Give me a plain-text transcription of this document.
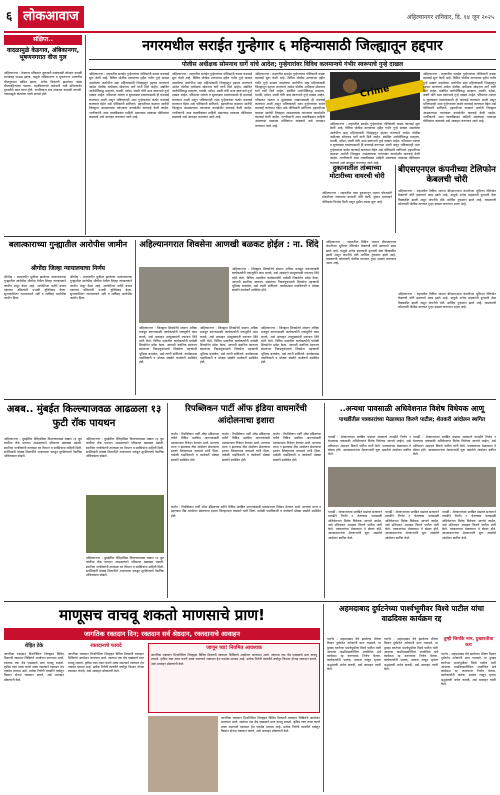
६ लोकआवाज	अहिल्यानगर शनिवार, दि. १४ जून २०२५
संक्षिप्त..
वादळामुळे केडगाव, अंबिकानगर, भूषणनगरात वीज गुल
अहिल्यानगर : केडगाव परिसरात शुक्रवारी सायंकाळी जोरदार वादळी वाऱ्यासह पाऊस झाला. यामुळे अंबिकानगर व भूषणनगर भागातील वीजपुरवठा खंडित झाला. अनेक ठिकाणी झाडांच्या फांद्या वीजवाहिन्यांवर पडल्या. महावितरणचे कर्मचारी रात्री उशिरापर्यंत दुरुस्तीचे काम करत होते. नागरिकांना रात्र अंधारात काढावी लागली. पावसामुळे रस्त्यांवर पाणी साचले होते.
नगरमधील सराईत गुन्हेगार ६ महिन्यासाठी जिल्ह्यातून हद्दपार
पोलीस अधीक्षक सोमनाथ घार्गे यांचे आदेश; गुन्हेगारांवर विविध कलमान्वये गंभीर स्वरूपाचे गुन्हे दाखल
अहिल्यानगर : शहरातील सराईत गुन्हेगारांवर पोलिसांनी कडक कारवाई सुरू केली आहे. विविध पोलीस ठाण्यांच्या हद्दीत गंभीर गुन्हे दाखल असलेल्या आरोपींना सहा महिन्यांसाठी जिल्ह्यातून हद्दपार करण्याचे आदेश पोलीस अधीक्षक सोमनाथ घार्गे यांनी दिले आहेत. संबंधित आरोपींविरुद्ध मारहाण, धमकी, दरोडा, जबरी चोरी अशा स्वरूपाचे गुन्हे दाखल आहेत. परिसरात शांतता व सुव्यवस्था राखण्यासाठी ही कारवाई करण्यात आली असून भविष्यातही अशा गुन्हेगारांवर कठोर कारवाई करण्यात येईल असे पोलिसांनी सांगितले. हद्दपारीच्या काळात आरोपी जिल्ह्यात आढळल्यास त्यांच्यावर कायदेशीर कारवाई केली जाईल. नागरिकांनी अशा व्यक्तींबाबत माहिती असल्यास तात्काळ पोलिसांना कळवावे असे आवाहन करण्यात आले आहे.
अहिल्यानगर : शहरातील सराईत गुन्हेगारांवर पोलिसांनी कडक कारवाई सुरू केली आहे. विविध पोलीस ठाण्यांच्या हद्दीत गंभीर गुन्हे दाखल असलेल्या आरोपींना सहा महिन्यांसाठी जिल्ह्यातून हद्दपार करण्याचे आदेश पोलीस अधीक्षक सोमनाथ घार्गे यांनी दिले आहेत. संबंधित आरोपींविरुद्ध मारहाण, धमकी, दरोडा, जबरी चोरी अशा स्वरूपाचे गुन्हे दाखल आहेत. परिसरात शांतता व सुव्यवस्था राखण्यासाठी ही कारवाई करण्यात आली असून भविष्यातही अशा गुन्हेगारांवर कठोर कारवाई करण्यात येईल असे पोलिसांनी सांगितले. हद्दपारीच्या काळात आरोपी जिल्ह्यात आढळल्यास त्यांच्यावर कायदेशीर कारवाई केली जाईल. नागरिकांनी अशा व्यक्तींबाबत माहिती असल्यास तात्काळ पोलिसांना कळवावे असे आवाहन करण्यात आले आहे.
अहिल्यानगर : शहरातील सराईत गुन्हेगारांवर पोलिसांनी कडक कारवाई सुरू केली आहे. विविध पोलीस ठाण्यांच्या हद्दीत गंभीर गुन्हे दाखल असलेल्या आरोपींना सहा महिन्यांसाठी जिल्ह्यातून हद्दपार करण्याचे आदेश पोलीस अधीक्षक सोमनाथ घार्गे यांनी दिले आहेत. संबंधित आरोपींविरुद्ध मारहाण, धमकी, दरोडा, जबरी चोरी अशा स्वरूपाचे गुन्हे दाखल आहेत. परिसरात शांतता व सुव्यवस्था राखण्यासाठी ही कारवाई करण्यात आली असून भविष्यातही अशा गुन्हेगारांवर कठोर कारवाई करण्यात येईल असे पोलिसांनी सांगितले. हद्दपारीच्या काळात आरोपी जिल्ह्यात आढळल्यास त्यांच्यावर कायदेशीर कारवाई केली जाईल. नागरिकांनी अशा व्यक्तींबाबत माहिती असल्यास तात्काळ पोलिसांना कळवावे असे आवाहन करण्यात आले आहे.
Crime
अहिल्यानगर : शहरातील सराईत गुन्हेगारांवर पोलिसांनी कडक कारवाई सुरू केली आहे. विविध पोलीस ठाण्यांच्या हद्दीत गंभीर गुन्हे दाखल असलेल्या आरोपींना सहा महिन्यांसाठी जिल्ह्यातून हद्दपार करण्याचे आदेश पोलीस अधीक्षक सोमनाथ घार्गे यांनी दिले आहेत. संबंधित आरोपींविरुद्ध मारहाण, धमकी, दरोडा, जबरी चोरी अशा स्वरूपाचे गुन्हे दाखल आहेत. परिसरात शांतता व सुव्यवस्था राखण्यासाठी ही कारवाई करण्यात आली असून भविष्यातही अशा गुन्हेगारांवर कठोर कारवाई करण्यात येईल असे पोलिसांनी सांगितले. हद्दपारीच्या काळात आरोपी जिल्ह्यात आढळल्यास त्यांच्यावर कायदेशीर कारवाई केली जाईल. नागरिकांनी अशा व्यक्तींबाबत माहिती असल्यास तात्काळ पोलिसांना कळवावे असे आवाहन करण्यात आले आहे.
अहिल्यानगर : शहरातील सराईत गुन्हेगारांवर पोलिसांनी कडक कारवाई सुरू केली आहे. विविध पोलीस ठाण्यांच्या हद्दीत गंभीर गुन्हे दाखल असलेल्या आरोपींना सहा महिन्यांसाठी जिल्ह्यातून हद्दपार करण्याचे आदेश पोलीस अधीक्षक सोमनाथ घार्गे यांनी दिले आहेत. संबंधित आरोपींविरुद्ध मारहाण, धमकी, दरोडा, जबरी चोरी अशा स्वरूपाचे गुन्हे दाखल आहेत. परिसरात शांतता व सुव्यवस्था राखण्यासाठी ही कारवाई करण्यात आली असून भविष्यातही अशा गुन्हेगारांवर कठोर कारवाई करण्यात येईल असे पोलिसांनी सांगितले. हद्दपारीच्या काळात आरोपी जिल्ह्यात आढळल्यास त्यांच्यावर कायदेशीर कारवाई केली जाईल. नागरिकांनी अशा व्यक्तींबाबत माहिती असल्यास तात्काळ पोलिसांना कळवावे असे आवाहन करण्यात आले आहे.
दुकानातील तांब्याच्या मोटारीच्या वायरची चोरी
अहिल्यानगर : शहरातील एका दुकानातून अज्ञात चोरट्यांनी मोटारीच्या तांब्याच्या वायरची चोरी केली. दुकान मालकाने पोलिसांत फिर्याद दिली असून पुढील तपास सुरू आहे.
बीएसएनएल कंपनीच्या टेलिफोन केबलची चोरी
अहिल्यानगर : शहरातील विविध भागात बीएसएनएल कंपनीच्या भूमिगत टेलिफोन केबलची चोरी झाल्याचे उघड झाले आहे. यामुळे अनेक ग्राहकांची दूरध्वनी सेवा विस्कळीत झाली असून कंपनीचे मोठे आर्थिक नुकसान झाले आहे. याप्रकरणी कोतवाली पोलीस ठाण्यात गुन्हा दाखल करण्यात आला आहे.
बलात्काराच्या गुन्ह्यातील आरोपीस जामीन
श्रीगोंदा जिल्हा न्यायालयाचा निर्णय
श्रीगोंदा : अल्पवयीन मुलीवर झालेल्या अत्याचाराच्या गुन्ह्यातील आरोपीस श्रीगोंदा येथील जिल्हा न्यायालयाने जामीन मंजूर केला आहे. आरोपीच्या वतीने बचाव पक्षाच्या वकिलांनी प्रभावी युक्तिवाद केला. सुनावणीनंतर न्यायालयाने अटी व शर्तींसह आरोपीस जामीन दिला.
श्रीगोंदा : अल्पवयीन मुलीवर झालेल्या अत्याचाराच्या गुन्ह्यातील आरोपीस श्रीगोंदा येथील जिल्हा न्यायालयाने जामीन मंजूर केला आहे. आरोपीच्या वतीने बचाव पक्षाच्या वकिलांनी प्रभावी युक्तिवाद केला. सुनावणीनंतर न्यायालयाने अटी व शर्तींसह आरोपीस जामीन दिला.
अहिल्यानगरात शिवसेना आणखी बळकट होईल : ना. शिंदे
अहिल्यानगर : जिल्ह्यात शिवसेनेचे संघटन अधिक मजबूत करण्यासाठी कार्यकर्त्यांनी एकजुटीने काम करावे, असे आवाहन उपमुख्यमंत्री एकनाथ शिंदे यांनी केले. विविध पक्षांतील कार्यकर्त्यांनी यावेळी शिवसेनेत प्रवेश केला. आगामी स्थानिक स्वराज्य संस्थांच्या निवडणुकांमध्ये शिवसेना महत्त्वाची भूमिका बजावेल, असे त्यांनी सांगितले. कार्यक्रमास पदाधिकारी व मोठ्या संख्येने कार्यकर्ते उपस्थित होते.
अहिल्यानगर : जिल्ह्यात शिवसेनेचे संघटन अधिक मजबूत करण्यासाठी कार्यकर्त्यांनी एकजुटीने काम करावे, असे आवाहन उपमुख्यमंत्री एकनाथ शिंदे यांनी केले. विविध पक्षांतील कार्यकर्त्यांनी यावेळी शिवसेनेत प्रवेश केला. आगामी स्थानिक स्वराज्य संस्थांच्या निवडणुकांमध्ये शिवसेना महत्त्वाची भूमिका बजावेल, असे त्यांनी सांगितले. कार्यक्रमास पदाधिकारी व मोठ्या संख्येने कार्यकर्ते उपस्थित होते.
अहिल्यानगर : जिल्ह्यात शिवसेनेचे संघटन अधिक मजबूत करण्यासाठी कार्यकर्त्यांनी एकजुटीने काम करावे, असे आवाहन उपमुख्यमंत्री एकनाथ शिंदे यांनी केले. विविध पक्षांतील कार्यकर्त्यांनी यावेळी शिवसेनेत प्रवेश केला. आगामी स्थानिक स्वराज्य संस्थांच्या निवडणुकांमध्ये शिवसेना महत्त्वाची भूमिका बजावेल, असे त्यांनी सांगितले. कार्यक्रमास पदाधिकारी व मोठ्या संख्येने कार्यकर्ते उपस्थित होते.
अहिल्यानगर : जिल्ह्यात शिवसेनेचे संघटन अधिक मजबूत करण्यासाठी कार्यकर्त्यांनी एकजुटीने काम करावे, असे आवाहन उपमुख्यमंत्री एकनाथ शिंदे यांनी केले. विविध पक्षांतील कार्यकर्त्यांनी यावेळी शिवसेनेत प्रवेश केला. आगामी स्थानिक स्वराज्य संस्थांच्या निवडणुकांमध्ये शिवसेना महत्त्वाची भूमिका बजावेल, असे त्यांनी सांगितले. कार्यक्रमास पदाधिकारी व मोठ्या संख्येने कार्यकर्ते उपस्थित होते.
अहिल्यानगर : शहरातील विविध भागात बीएसएनएल कंपनीच्या भूमिगत टेलिफोन केबलची चोरी झाल्याचे उघड झाले आहे. यामुळे अनेक ग्राहकांची दूरध्वनी सेवा विस्कळीत झाली असून कंपनीचे मोठे आर्थिक नुकसान झाले आहे. याप्रकरणी कोतवाली पोलीस ठाण्यात गुन्हा दाखल करण्यात आला आहे.
अहिल्यानगर : शहरातील विविध भागात बीएसएनएल कंपनीच्या भूमिगत टेलिफोन केबलची चोरी झाल्याचे उघड झाले आहे. यामुळे अनेक ग्राहकांची दूरध्वनी सेवा विस्कळीत झाली असून कंपनीचे मोठे आर्थिक नुकसान झाले आहे. याप्रकरणी कोतवाली पोलीस ठाण्यात गुन्हा दाखल करण्यात आला आहे.
अबब.. मुंबईत किल्ल्याजवळ आढळला १३ फुटी रॉक पायथन
अहिल्यानगर : मुंबईतील ऐतिहासिक किल्ल्याजवळ तब्बल १३ फूट लांबीचा रॉक पायथन आढळल्याने परिसरात खळबळ उडाली. स्थानिक नागरिकांनी तात्काळ वन विभाग व सर्पमित्रांना माहिती दिली. सर्पमित्रांनी मोठ्या शिताफीने अजगराला पकडून सुरक्षितपणे नैसर्गिक अधिवासात सोडले.
अहिल्यानगर : मुंबईतील ऐतिहासिक किल्ल्याजवळ तब्बल १३ फूट लांबीचा रॉक पायथन आढळल्याने परिसरात खळबळ उडाली. स्थानिक नागरिकांनी तात्काळ वन विभाग व सर्पमित्रांना माहिती दिली. सर्पमित्रांनी मोठ्या शिताफीने अजगराला पकडून सुरक्षितपणे नैसर्गिक अधिवासात सोडले.
अहिल्यानगर : मुंबईतील ऐतिहासिक किल्ल्याजवळ तब्बल १३ फूट लांबीचा रॉक पायथन आढळल्याने परिसरात खळबळ उडाली. स्थानिक नागरिकांनी तात्काळ वन विभाग व सर्पमित्रांना माहिती दिली. सर्पमित्रांनी मोठ्या शिताफीने अजगराला पकडून सुरक्षितपणे नैसर्गिक अधिवासात सोडले.
रिपब्लिकन पार्टी ऑफ इंडिया वाघमारेंची आंदोलनाचा इशारा
कर्जत : रिपब्लिकन पार्टी ऑफ इंडियाच्या वतीने विविध प्रलंबित मागण्यांसाठी प्रशासनाला निवेदन देण्यात आले. मागण्या मान्य न झाल्यास तीव्र आंदोलन छेडण्याचा इशारा जिल्हाध्यक्ष वाघमारे यांनी दिला. यावेळी पदाधिकारी व कार्यकर्ते मोठ्या संख्येने उपस्थित होते.
कर्जत : रिपब्लिकन पार्टी ऑफ इंडियाच्या वतीने विविध प्रलंबित मागण्यांसाठी प्रशासनाला निवेदन देण्यात आले. मागण्या मान्य न झाल्यास तीव्र आंदोलन छेडण्याचा इशारा जिल्हाध्यक्ष वाघमारे यांनी दिला. यावेळी पदाधिकारी व कार्यकर्ते मोठ्या संख्येने उपस्थित होते.
कर्जत : रिपब्लिकन पार्टी ऑफ इंडियाच्या वतीने विविध प्रलंबित मागण्यांसाठी प्रशासनाला निवेदन देण्यात आले. मागण्या मान्य न झाल्यास तीव्र आंदोलन छेडण्याचा इशारा जिल्हाध्यक्ष वाघमारे यांनी दिला. यावेळी पदाधिकारी व कार्यकर्ते मोठ्या संख्येने उपस्थित होते.
कर्जत : रिपब्लिकन पार्टी ऑफ इंडियाच्या वतीने विविध प्रलंबित मागण्यांसाठी प्रशासनाला निवेदन देण्यात आले. मागण्या मान्य न झाल्यास तीव्र आंदोलन छेडण्याचा इशारा जिल्हाध्यक्ष वाघमारे यांनी दिला. यावेळी पदाधिकारी व कार्यकर्ते मोठ्या संख्येने उपस्थित होते.
..अन्यथा पावसाळी अधिवेशनात विशेष विधेयक आणू
पाथर्डीतील पत्रकारांच्या मेळाव्यात किरणे पाटील; शेतकरी आंदोलन स्थगित
पाथर्डी : शेतकऱ्यांच्या प्रलंबित प्रश्नांवर सरकारने तातडीने निर्णय न घेतल्यास पावसाळी अधिवेशनात विशेष विधेयक आणले जाईल, असे प्रतिपादन आमदार किरणे पाटील यांनी केले. पत्रकारांच्या मेळाव्यात ते बोलत होते. आश्वासनानंतर शेतकऱ्यांनी सुरू असलेले आंदोलन स्थगित केले.
पाथर्डी : शेतकऱ्यांच्या प्रलंबित प्रश्नांवर सरकारने तातडीने निर्णय न घेतल्यास पावसाळी अधिवेशनात विशेष विधेयक आणले जाईल, असे प्रतिपादन आमदार किरणे पाटील यांनी केले. पत्रकारांच्या मेळाव्यात ते बोलत होते. आश्वासनानंतर शेतकऱ्यांनी सुरू असलेले आंदोलन स्थगित केले.
पाथर्डी : शेतकऱ्यांच्या प्रलंबित प्रश्नांवर सरकारने तातडीने निर्णय न घेतल्यास पावसाळी अधिवेशनात विशेष विधेयक आणले जाईल, असे प्रतिपादन आमदार किरणे पाटील यांनी केले. पत्रकारांच्या मेळाव्यात ते बोलत होते. आश्वासनानंतर शेतकऱ्यांनी सुरू असलेले आंदोलन स्थगित केले.
पाथर्डी : शेतकऱ्यांच्या प्रलंबित प्रश्नांवर सरकारने तातडीने निर्णय न घेतल्यास पावसाळी अधिवेशनात विशेष विधेयक आणले जाईल, असे प्रतिपादन आमदार किरणे पाटील यांनी केले. पत्रकारांच्या मेळाव्यात ते बोलत होते. आश्वासनानंतर शेतकऱ्यांनी सुरू असलेले आंदोलन स्थगित केले.
पाथर्डी : शेतकऱ्यांच्या प्रलंबित प्रश्नांवर सरकारने तातडीने निर्णय न घेतल्यास पावसाळी अधिवेशनात विशेष विधेयक आणले जाईल, असे प्रतिपादन आमदार किरणे पाटील यांनी केले. पत्रकारांच्या मेळाव्यात ते बोलत होते. आश्वासनानंतर शेतकऱ्यांनी सुरू असलेले आंदोलन स्थगित केले.
माणूसच वाचवू शकतो माणसाचे प्राण!
जागतिक रक्तदान दिन; रक्तदान सर्व श्रेष्ठदान, रक्तदानाचे आवाहन
रोहित टेके
जागतिक रक्तदान दिनानिमित्त जिल्ह्यात विविध ठिकाणी रक्तदान शिबिरांचे आयोजन करण्यात आले. रक्ताचा एक थेंब एखाद्याचे प्राण वाचवू शकतो. कृत्रिम रक्त तयार करणे शक्य नसल्याने रक्तदान हेच एकमेव माध्यम आहे. प्रत्येक निरोगी व्यक्तीने वर्षातून किमान दोनदा रक्तदान करावे, असे आवाहन डॉक्टरांनी केले.
रक्तदानाचे फायदे
जागतिक रक्तदान दिनानिमित्त जिल्ह्यात विविध ठिकाणी रक्तदान शिबिरांचे आयोजन करण्यात आले. रक्ताचा एक थेंब एखाद्याचे प्राण वाचवू शकतो. कृत्रिम रक्त तयार करणे शक्य नसल्याने रक्तदान हेच एकमेव माध्यम आहे. प्रत्येक निरोगी व्यक्तीने वर्षातून किमान दोनदा रक्तदान करावे, असे आवाहन डॉक्टरांनी केले.
जाणून घ्या! नियमित आवश्यक
जागतिक रक्तदान दिनानिमित्त जिल्ह्यात विविध ठिकाणी रक्तदान शिबिरांचे आयोजन करण्यात आले. रक्ताचा एक थेंब एखाद्याचे प्राण वाचवू शकतो. कृत्रिम रक्त तयार करणे शक्य नसल्याने रक्तदान हेच एकमेव माध्यम आहे. प्रत्येक निरोगी व्यक्तीने वर्षातून किमान दोनदा रक्तदान करावे, असे आवाहन डॉक्टरांनी केले.
जागतिक रक्तदान दिनानिमित्त जिल्ह्यात विविध ठिकाणी रक्तदान शिबिरांचे आयोजन करण्यात आले. रक्ताचा एक थेंब एखाद्याचे प्राण वाचवू शकतो. कृत्रिम रक्त तयार करणे शक्य नसल्याने रक्तदान हेच एकमेव माध्यम आहे. प्रत्येक निरोगी व्यक्तीने वर्षातून किमान दोनदा रक्तदान करावे, असे आवाहन डॉक्टरांनी केले.
अहमदाबाद दुर्घटनेच्या पार्श्वभूमीवर विश्वे पाटील यांचा वाढदिवस कार्यक्रम रद्द
पारनेर : अहमदाबाद येथे झालेल्या भीषण विमान दुर्घटनेत अनेकांनी प्राण गमावले. या दुःखद घटनेच्या पार्श्वभूमीवर विश्वे पाटील यांनी आपल्या वाढदिवसानिमित्त आयोजित सर्व कार्यक्रम रद्द करण्याचा निर्णय घेतला. कार्यकर्त्यांनी फलक, सत्कार टाळून मृतांना श्रद्धांजली अर्पण करावी, असे आवाहन त्यांनी केले.
पारनेर : अहमदाबाद येथे झालेल्या भीषण विमान दुर्घटनेत अनेकांनी प्राण गमावले. या दुःखद घटनेच्या पार्श्वभूमीवर विश्वे पाटील यांनी आपल्या वाढदिवसानिमित्त आयोजित सर्व कार्यक्रम रद्द करण्याचा निर्णय घेतला. कार्यकर्त्यांनी फलक, सत्कार टाळून मृतांना श्रद्धांजली अर्पण करावी, असे आवाहन त्यांनी केले.
तुम्ही जितकि नाम, दुखापतीचा करा
पारनेर : अहमदाबाद येथे झालेल्या भीषण विमान दुर्घटनेत अनेकांनी प्राण गमावले. या दुःखद घटनेच्या पार्श्वभूमीवर विश्वे पाटील यांनी आपल्या वाढदिवसानिमित्त आयोजित सर्व कार्यक्रम रद्द करण्याचा निर्णय घेतला. कार्यकर्त्यांनी फलक, सत्कार टाळून मृतांना श्रद्धांजली अर्पण करावी, असे आवाहन त्यांनी केले.
